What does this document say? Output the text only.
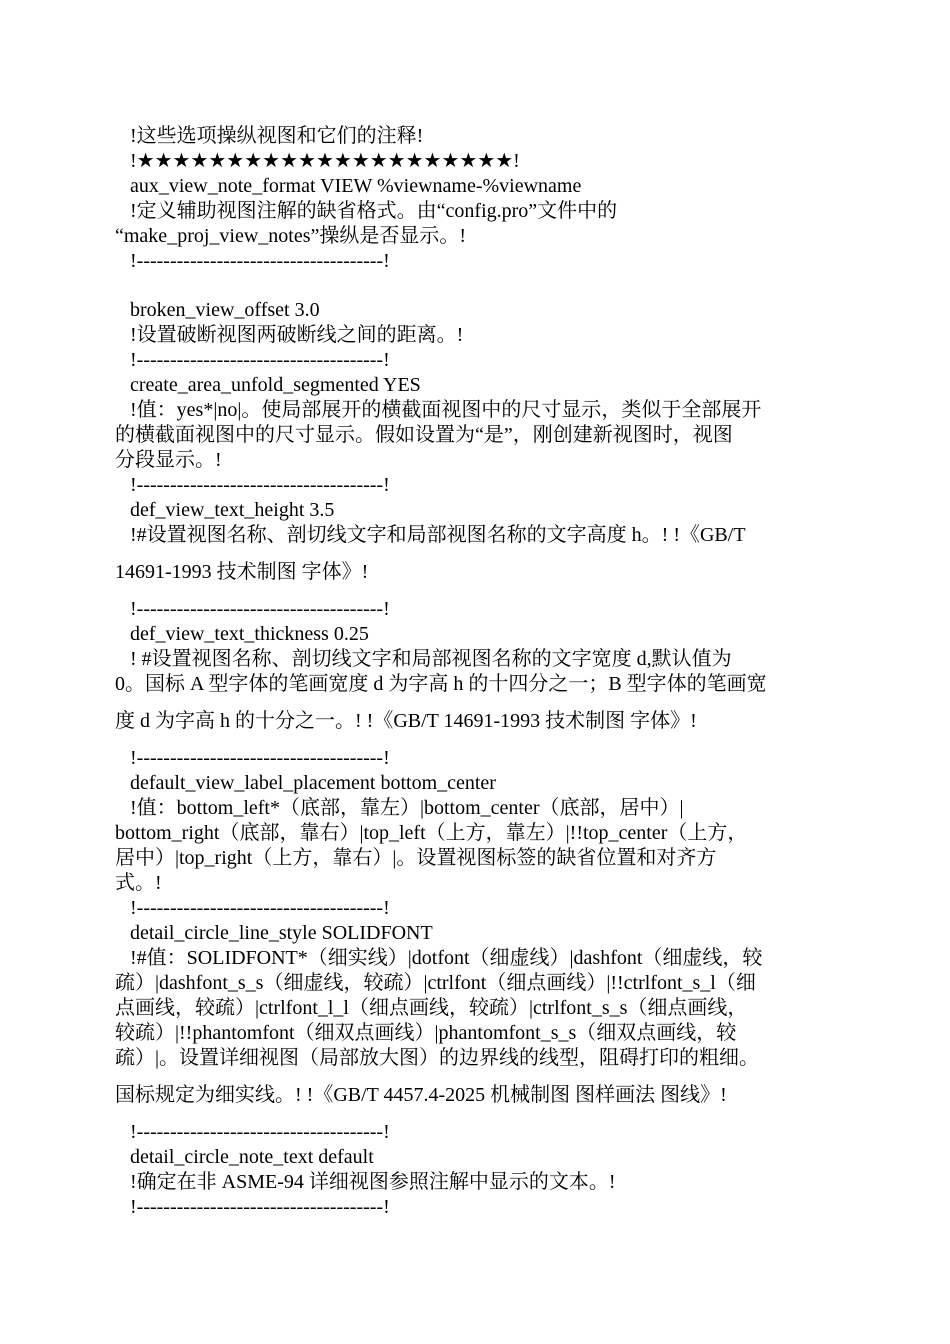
!这些选项操纵视图和它们的注释!

!★★★★★★★★★★★★★★★★★★★★★!

aux_view_note_format VIEW %viewname-%viewname

!定义辅助视图注解的缺省格式。由“config.pro”文件中的

“make_proj_view_notes”操纵是否显示。!

!-------------------------------------!

broken_view_offset 3.0

!设置破断视图两破断线之间的距离。!

!-------------------------------------!

create_area_unfold_segmented YES

!值：yes*|no|。使局部展开的横截面视图中的尺寸显示，类似于全部展开

的横截面视图中的尺寸显示。假如设置为“是”，刚创建新视图时，视图

分段显示。!

!-------------------------------------!

def_view_text_height 3.5

!#设置视图名称、剖切线文字和局部视图名称的文字高度 h。! !《GB/T

14691-1993 技术制图 字体》!

!-------------------------------------!

def_view_text_thickness 0.25

! #设置视图名称、剖切线文字和局部视图名称的文字宽度 d,默认值为

0。国标 A 型字体的笔画宽度 d 为字高 h 的十四分之一；B 型字体的笔画宽

度 d 为字高 h 的十分之一。! !《GB/T 14691-1993 技术制图 字体》!

!-------------------------------------!

default_view_label_placement bottom_center

!值：bottom_left*（底部，靠左）|bottom_center（底部，居中）|

bottom_right（底部，靠右）|top_left（上方，靠左）|!!top_center（上方，

居中）|top_right（上方，靠右）|。设置视图标签的缺省位置和对齐方

式。!

!-------------------------------------!

detail_circle_line_style SOLIDFONT

!#值：SOLIDFONT*（细实线）|dotfont（细虚线）|dashfont（细虚线，较

疏）|dashfont_s_s（细虚线，较疏）|ctrlfont（细点画线）|!!ctrlfont_s_l（细

点画线，较疏）|ctrlfont_l_l（细点画线，较疏）|ctrlfont_s_s（细点画线，

较疏）|!!phantomfont（细双点画线）|phantomfont_s_s（细双点画线，较

疏）|。设置详细视图（局部放大图）的边界线的线型，阻碍打印的粗细。

国标规定为细实线。! !《GB/T 4457.4-2025 机械制图 图样画法 图线》!

!-------------------------------------!

detail_circle_note_text default

!确定在非 ASME-94 详细视图参照注解中显示的文本。!

!-------------------------------------!
